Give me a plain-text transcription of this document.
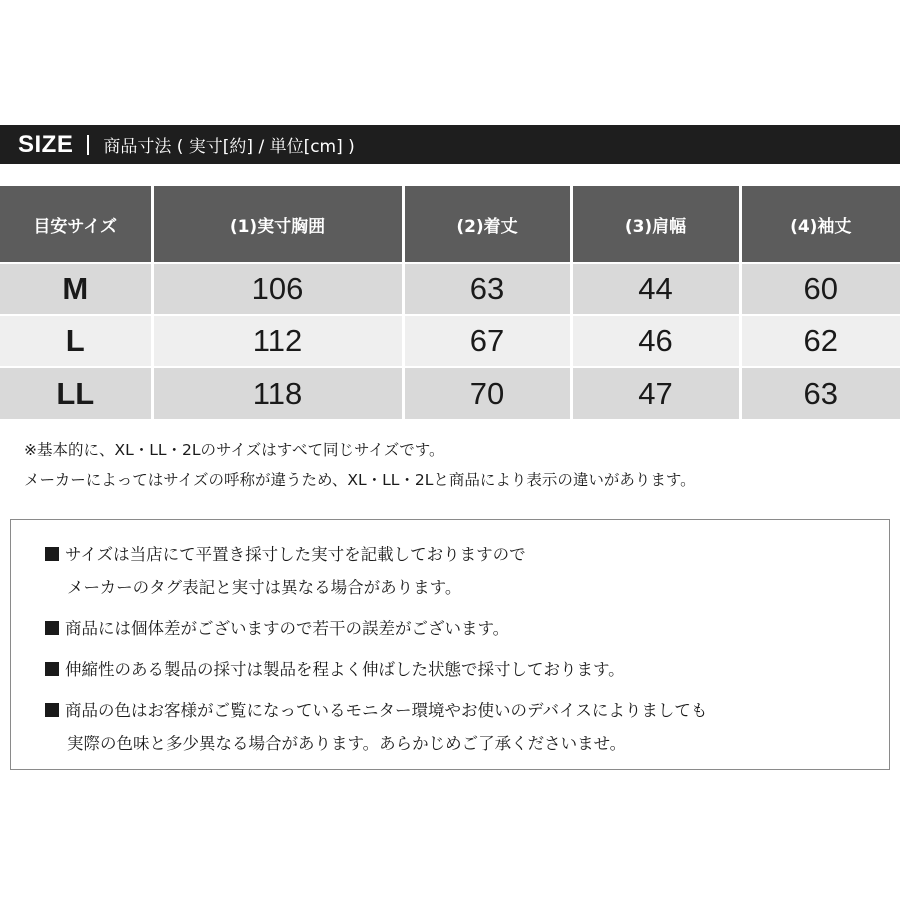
SIZE 商品寸法 ( 実寸[約] / 単位[cm] )
目安サイズ	(1)実寸胸囲	(2)着丈	(3)肩幅	(4)袖丈
M	106	63	44	60
L	112	67	46	62
LL	118	70	47	63
※基本的に、XL・LL・2Lのサイズはすべて同じサイズです。
メーカーによってはサイズの呼称が違うため、XL・LL・2Lと商品により表示の違いがあります。
サイズは当店にて平置き採寸した実寸を記載しておりますので
メーカーのタグ表記と実寸は異なる場合があります。
商品には個体差がございますので若干の誤差がございます。
伸縮性のある製品の採寸は製品を程よく伸ばした状態で採寸しております。
商品の色はお客様がご覧になっているモニター環境やお使いのデバイスによりましても
実際の色味と多少異なる場合があります。あらかじめご了承くださいませ。
